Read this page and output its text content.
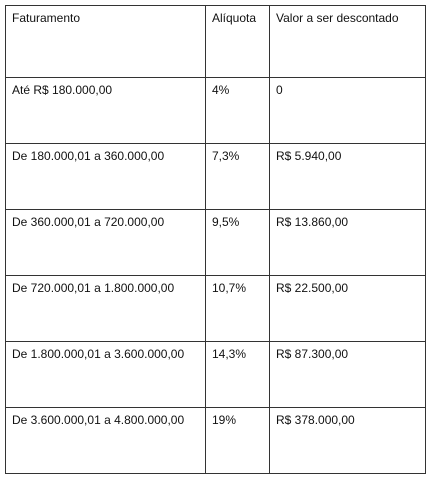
Faturamento	Alíquota	Valor a ser descontado
Até R$ 180.000,00	4%	0
De 180.000,01 a 360.000,00	7,3%	R$ 5.940,00
De 360.000,01 a 720.000,00	9,5%	R$ 13.860,00
De 720.000,01 a 1.800.000,00	10,7%	R$ 22.500,00
De 1.800.000,01 a 3.600.000,00	14,3%	R$ 87.300,00
De 3.600.000,01 a 4.800.000,00	19%	R$ 378.000,00
